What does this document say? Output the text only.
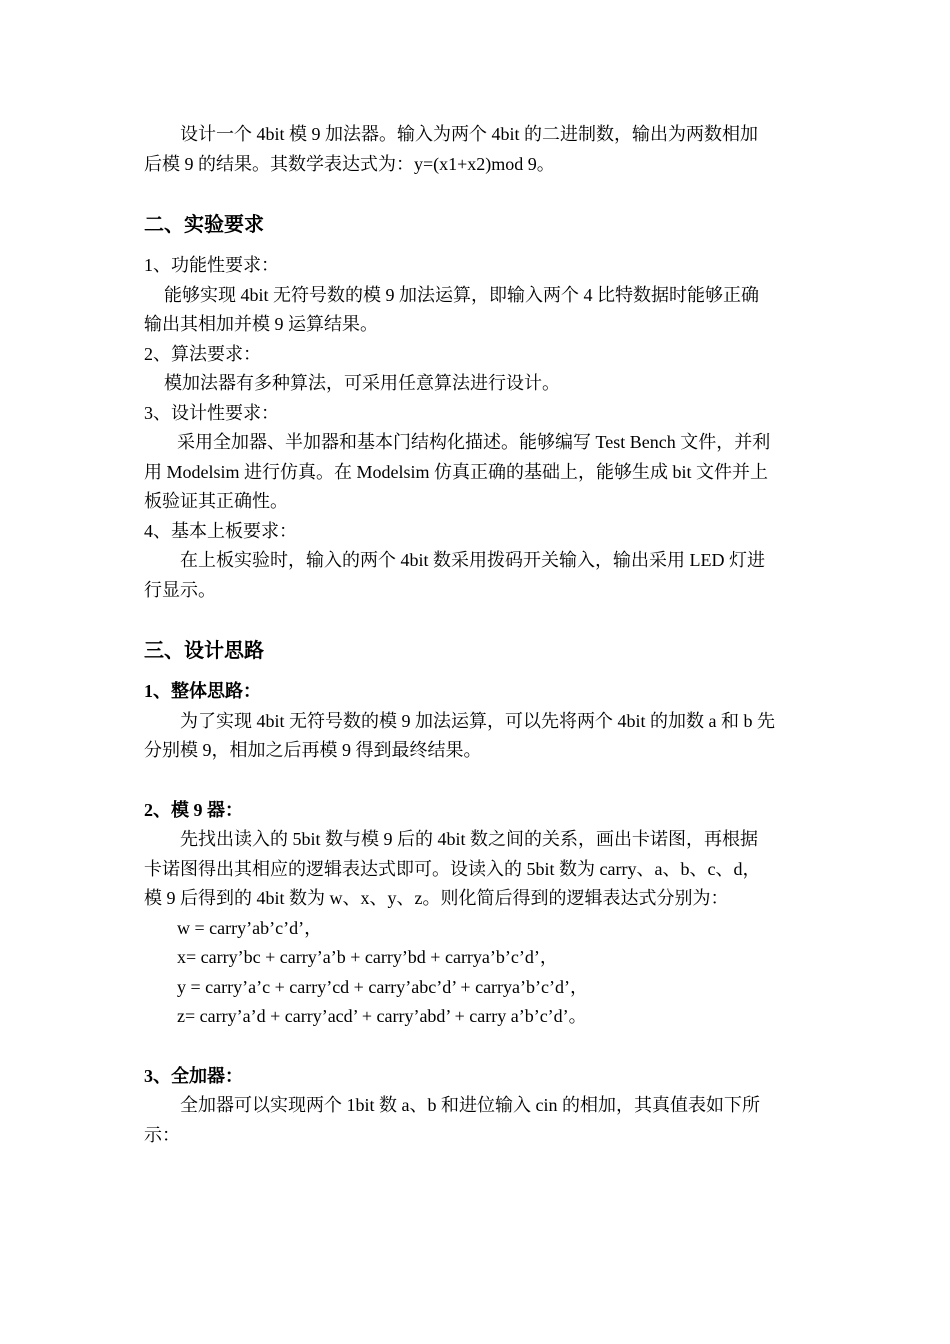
设计一个 4bit 模 9 加法器。输入为两个 4bit 的二进制数，输出为两数相加
后模 9 的结果。其数学表达式为：y=(x1+x2)mod 9。
二、实验要求
1、功能性要求：
能够实现 4bit 无符号数的模 9 加法运算，即输入两个 4 比特数据时能够正确
输出其相加并模 9 运算结果。
2、算法要求：
模加法器有多种算法，可采用任意算法进行设计。
3、设计性要求：
采用全加器、半加器和基本门结构化描述。能够编写 Test Bench 文件，并利
用 Modelsim 进行仿真。在 Modelsim 仿真正确的基础上，能够生成 bit 文件并上
板验证其正确性。
4、基本上板要求：
在上板实验时，输入的两个 4bit 数采用拨码开关输入，输出采用 LED 灯进
行显示。
三、设计思路
1、整体思路：
为了实现 4bit 无符号数的模 9 加法运算，可以先将两个 4bit 的加数 a 和 b 先
分别模 9，相加之后再模 9 得到最终结果。
2、模 9 器：
先找出读入的 5bit 数与模 9 后的 4bit 数之间的关系，画出卡诺图，再根据
卡诺图得出其相应的逻辑表达式即可。设读入的 5bit 数为 carry、a、b、c、d，
模 9 后得到的 4bit 数为 w、x、y、z。则化简后得到的逻辑表达式分别为：
w = carry’ab’c’d’，
x= carry’bc + carry’a’b + carry’bd + carrya’b’c’d’，
y = carry’a’c + carry’cd + carry’abc’d’ + carrya’b’c’d’，
z= carry’a’d + carry’acd’ + carry’abd’ + carry a’b’c’d’。
3、全加器：
全加器可以实现两个 1bit 数 a、b 和进位输入 cin 的相加，其真值表如下所
示：
